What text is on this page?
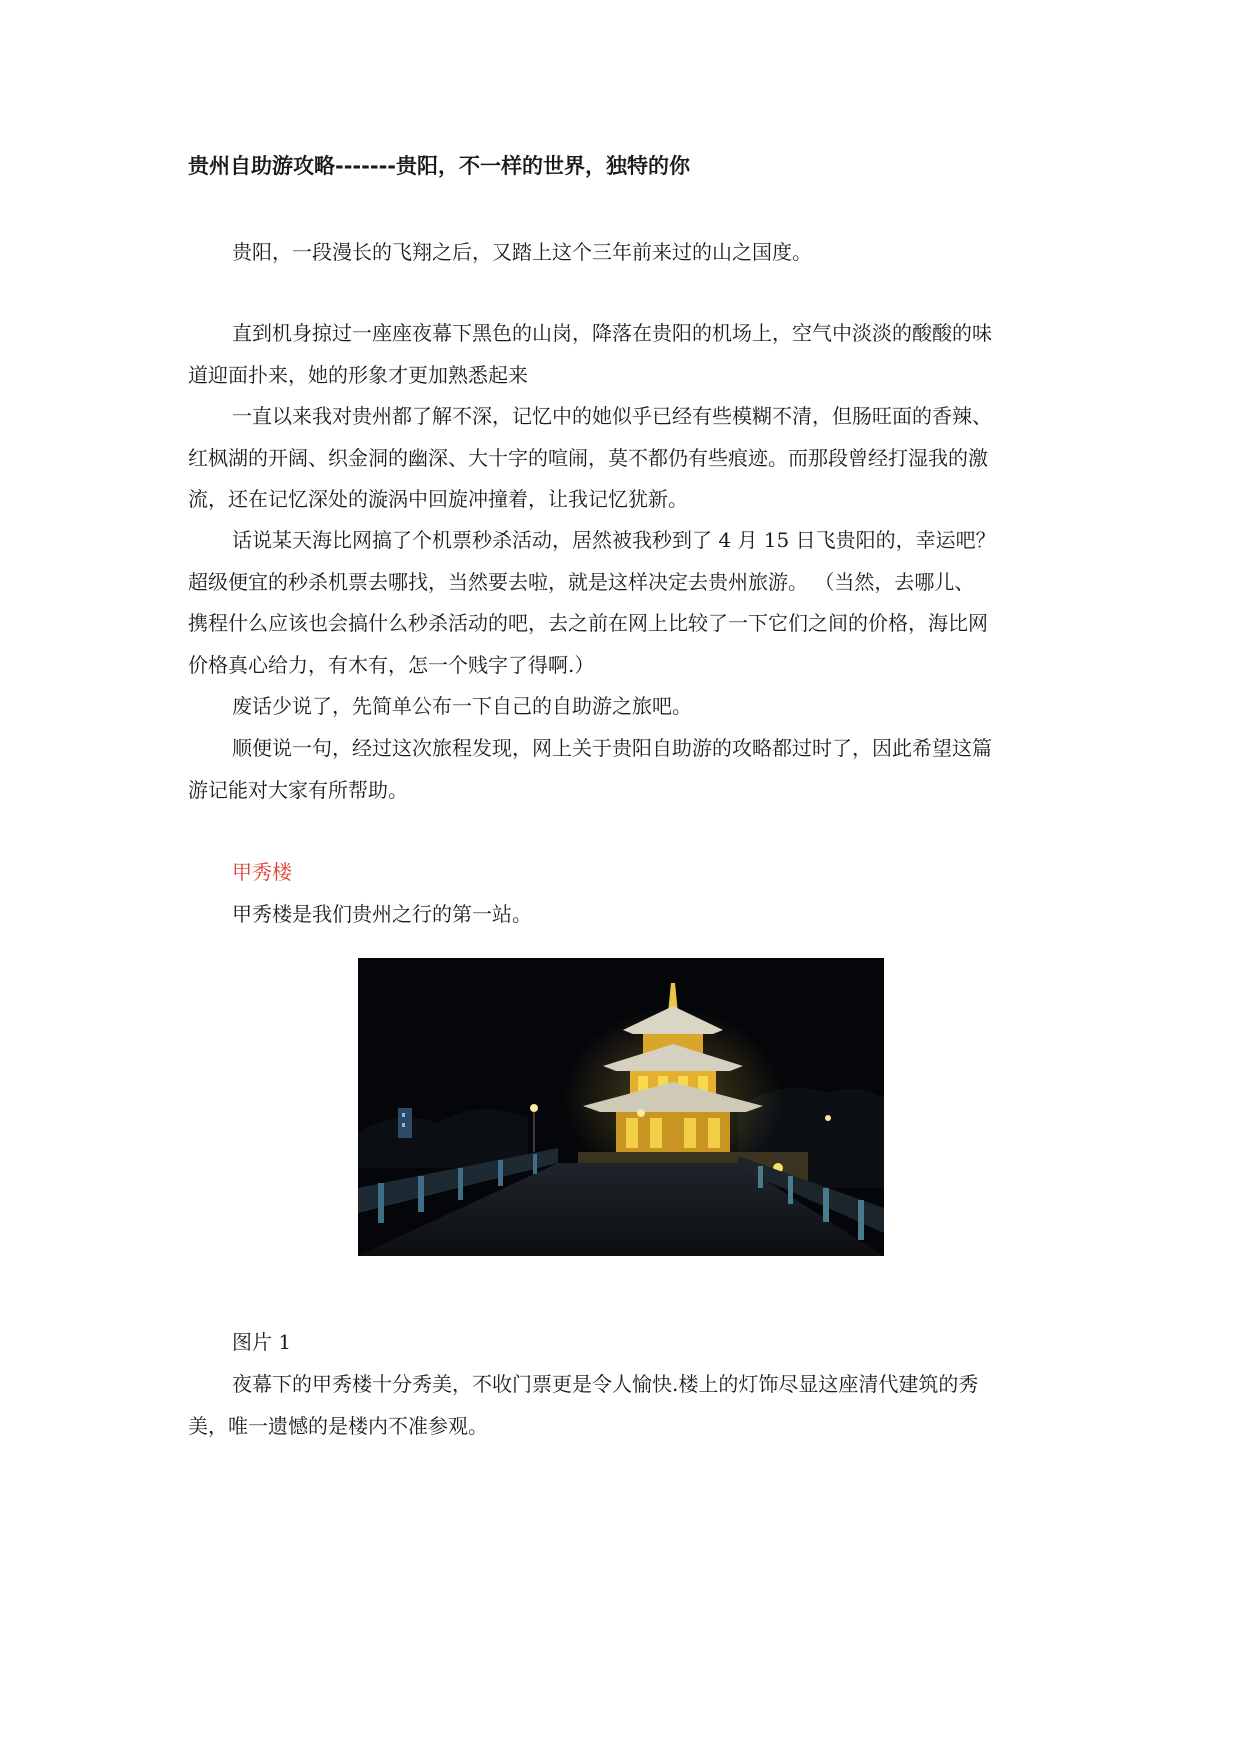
贵州自助游攻略-------贵阳，不一样的世界，独特的你
贵阳，一段漫长的飞翔之后，又踏上这个三年前来过的山之国度。
直到机身掠过一座座夜幕下黑色的山岗，降落在贵阳的机场上，空气中淡淡的酸酸的味
道迎面扑来，她的形象才更加熟悉起来
一直以来我对贵州都了解不深，记忆中的她似乎已经有些模糊不清，但肠旺面的香辣、
红枫湖的开阔、织金洞的幽深、大十字的喧闹，莫不都仍有些痕迹。而那段曾经打湿我的激
流，还在记忆深处的漩涡中回旋冲撞着，让我记忆犹新。
话说某天海比网搞了个机票秒杀活动，居然被我秒到了 4 月 15 日飞贵阳的，幸运吧？
超级便宜的秒杀机票去哪找，当然要去啦，就是这样决定去贵州旅游。 （当然，去哪儿、
携程什么应该也会搞什么秒杀活动的吧，去之前在网上比较了一下它们之间的价格，海比网
价格真心给力，有木有，怎一个贱字了得啊.）
废话少说了，先简单公布一下自己的自助游之旅吧。
顺便说一句，经过这次旅程发现，网上关于贵阳自助游的攻略都过时了，因此希望这篇
游记能对大家有所帮助。
甲秀楼
甲秀楼是我们贵州之行的第一站。
图片 1
夜幕下的甲秀楼十分秀美，不收门票更是令人愉快.楼上的灯饰尽显这座清代建筑的秀
美，唯一遗憾的是楼内不准参观。
